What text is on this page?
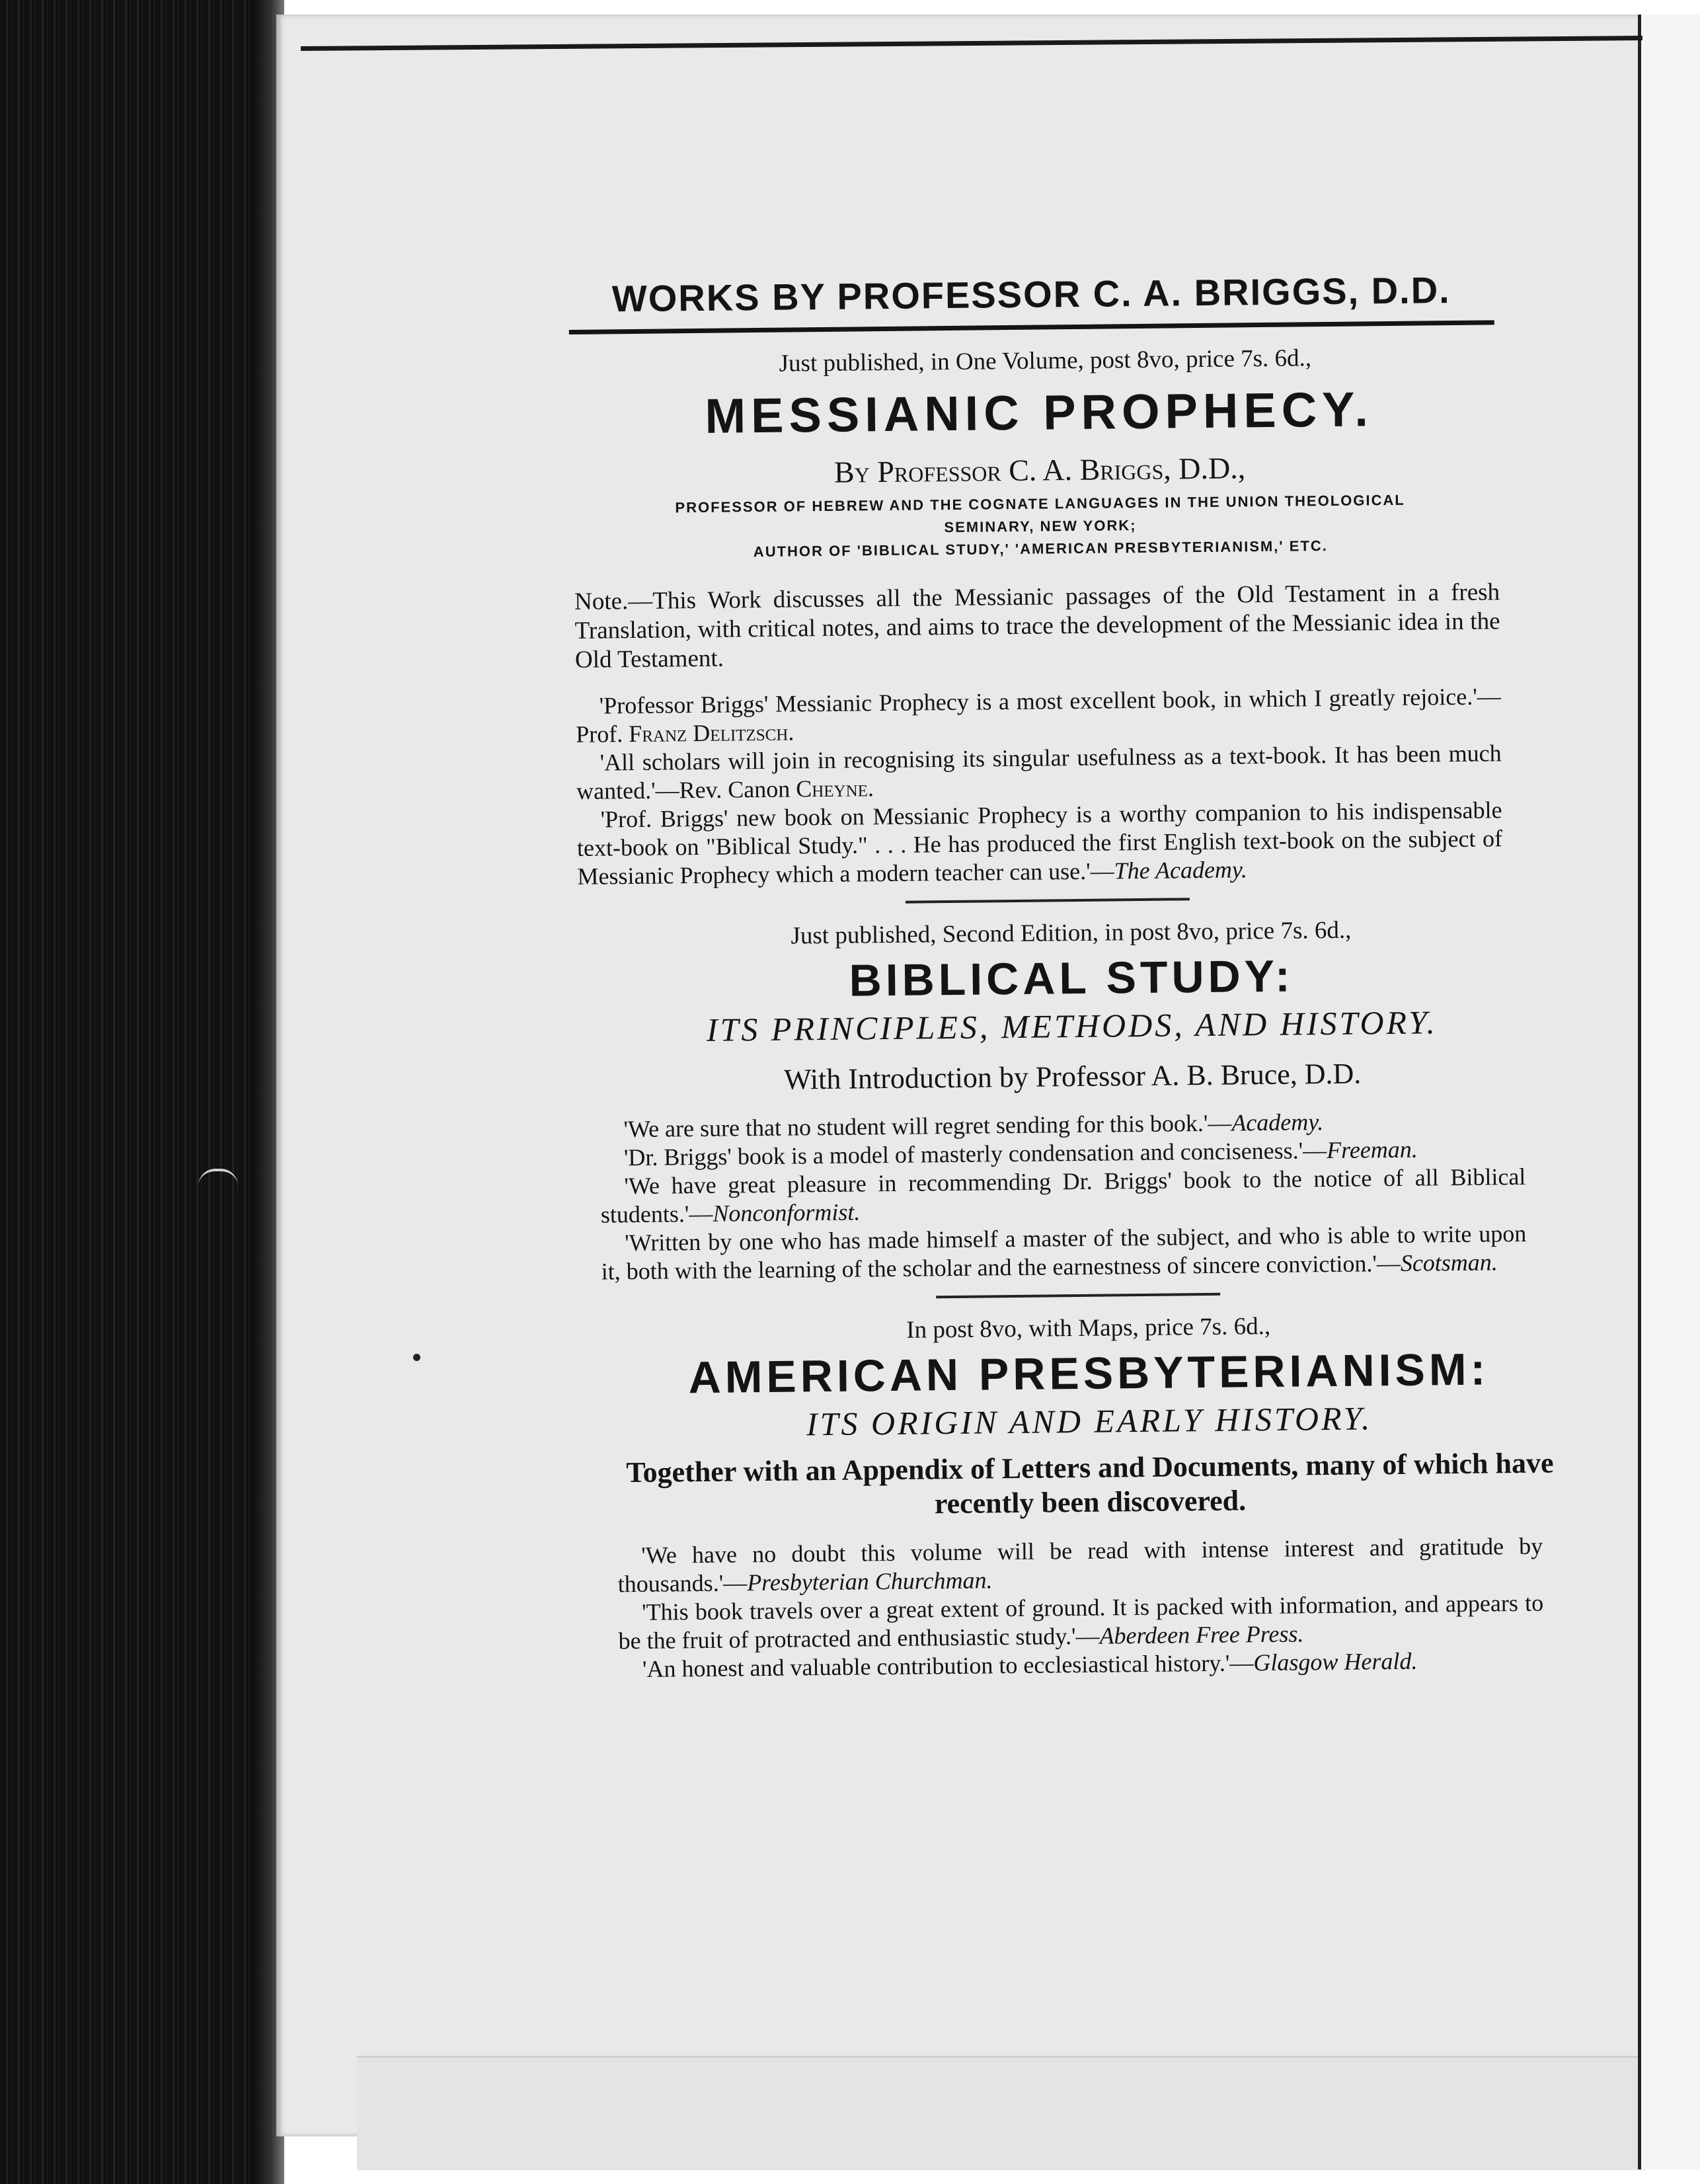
WORKS BY PROFESSOR C. A. BRIGGS, D.D.
Just published, in One Volume, post 8vo, price 7s. 6d.,
MESSIANIC PROPHECY.
By Professor C. A. Briggs, D.D.,
PROFESSOR OF HEBREW AND THE COGNATE LANGUAGES IN THE UNION THEOLOGICAL
SEMINARY, NEW YORK;
AUTHOR OF 'BIBLICAL STUDY,' 'AMERICAN PRESBYTERIANISM,' ETC.
Note.—This Work discusses all the Messianic passages of the Old Testament in a fresh Translation, with critical notes, and aims to trace the development of the Messianic idea in the Old Testament.
'Professor Briggs' Messianic Prophecy is a most excellent book, in which I greatly rejoice.'—Prof. Franz Delitzsch.
'All scholars will join in recognising its singular usefulness as a text-book. It has been much wanted.'—Rev. Canon Cheyne.
'Prof. Briggs' new book on Messianic Prophecy is a worthy companion to his indispensable text-book on "Biblical Study." . . . He has produced the first English text-book on the subject of Messianic Prophecy which a modern teacher can use.'—The Academy.
Just published, Second Edition, in post 8vo, price 7s. 6d.,
BIBLICAL STUDY:
ITS PRINCIPLES, METHODS, AND HISTORY.
With Introduction by Professor A. B. Bruce, D.D.
'We are sure that no student will regret sending for this book.'—Academy.
'Dr. Briggs' book is a model of masterly condensation and conciseness.'—Freeman.
'We have great pleasure in recommending Dr. Briggs' book to the notice of all Biblical students.'—Nonconformist.
'Written by one who has made himself a master of the subject, and who is able to write upon it, both with the learning of the scholar and the earnestness of sincere conviction.'—Scotsman.
In post 8vo, with Maps, price 7s. 6d.,
AMERICAN PRESBYTERIANISM:
ITS ORIGIN AND EARLY HISTORY.
Together with an Appendix of Letters and Documents, many of which have recently been discovered.
'We have no doubt this volume will be read with intense interest and gratitude by thousands.'—Presbyterian Churchman.
'This book travels over a great extent of ground. It is packed with information, and appears to be the fruit of protracted and enthusiastic study.'—Aberdeen Free Press.
'An honest and valuable contribution to ecclesiastical history.'—Glasgow Herald.
